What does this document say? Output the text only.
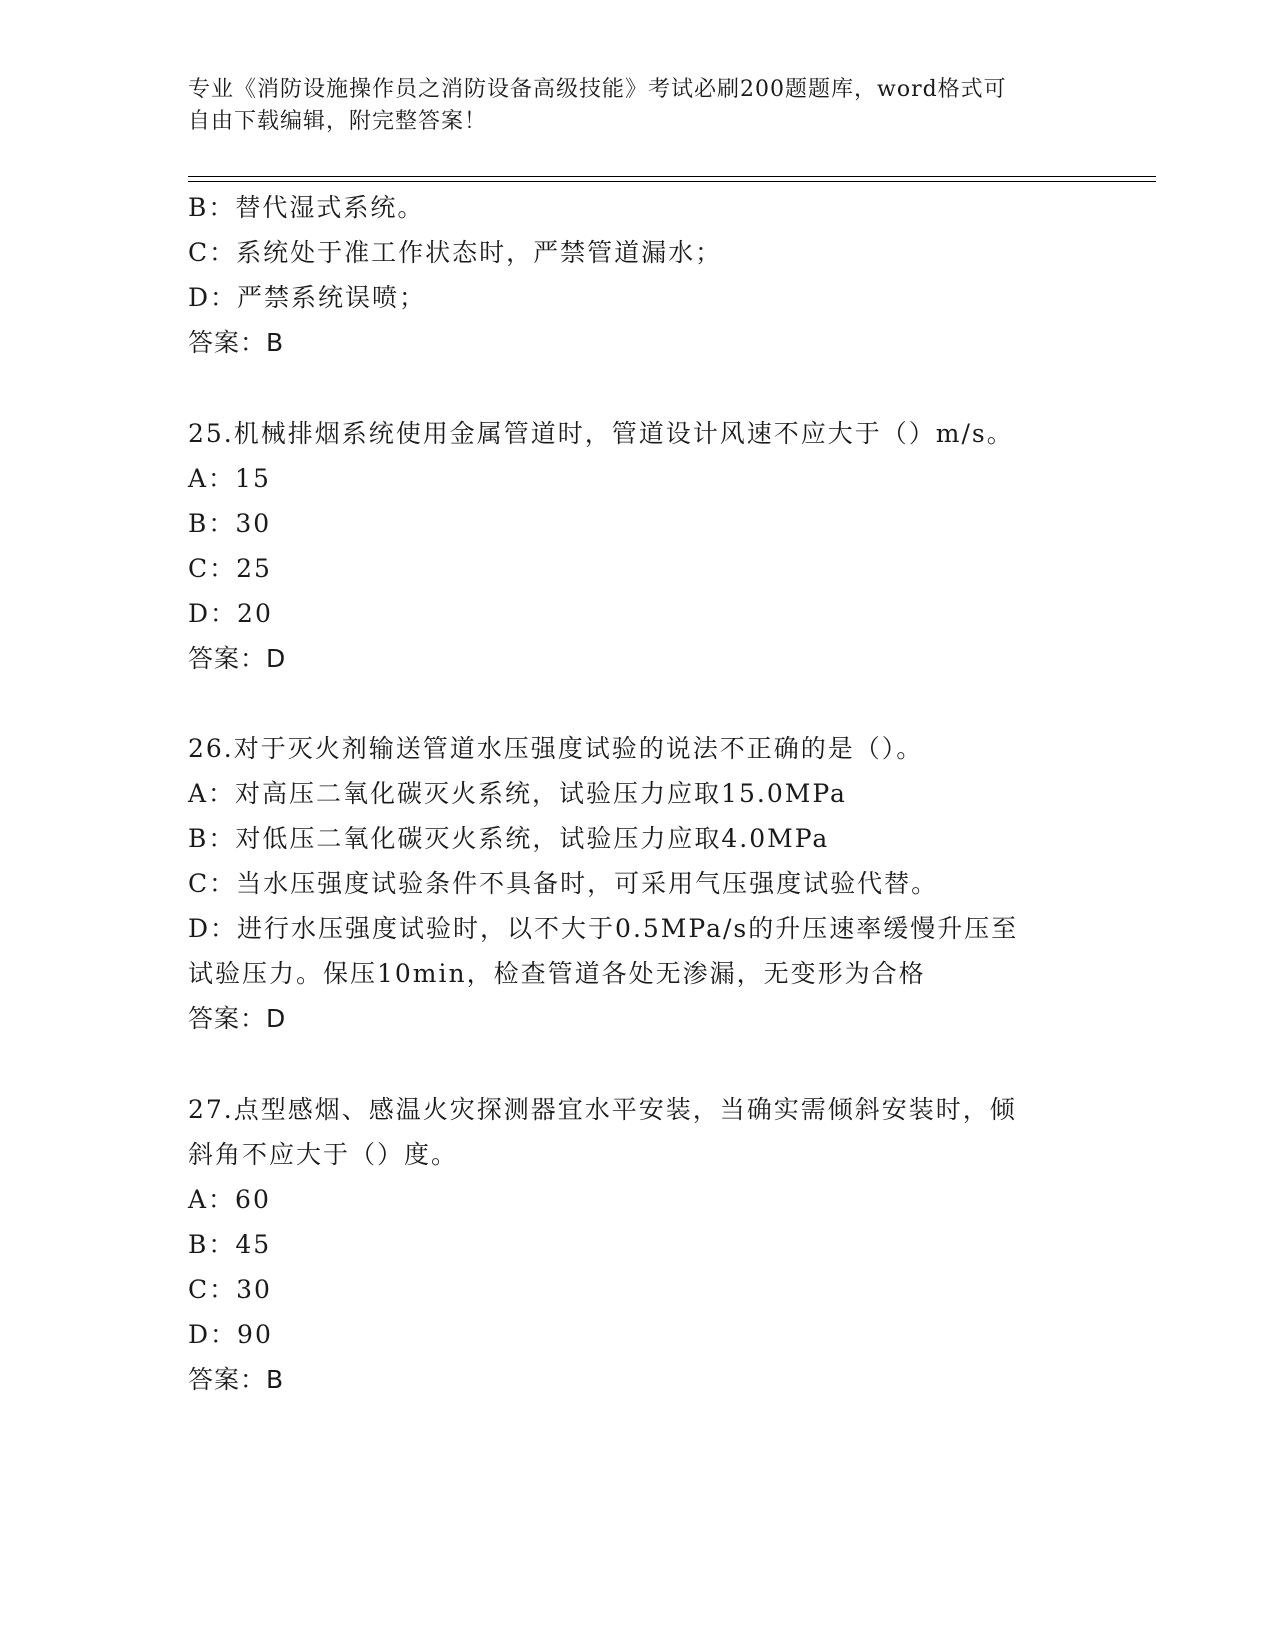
专业《消防设施操作员之消防设备高级技能》考试必刷200题题库，word格式可
自由下载编辑，附完整答案！
B：替代湿式系统。
C：系统处于准工作状态时，严禁管道漏水；
D：严禁系统误喷；
答案：B
25.机械排烟系统使用金属管道时，管道设计风速不应大于（）m/s。
A：15
B：30
C：25
D：20
答案：D
26.对于灭火剂输送管道水压强度试验的说法不正确的是（）。
A：对高压二氧化碳灭火系统，试验压力应取15.0MPa
B：对低压二氧化碳灭火系统，试验压力应取4.0MPa
C：当水压强度试验条件不具备时，可采用气压强度试验代替。
D：进行水压强度试验时，以不大于0.5MPa/s的升压速率缓慢升压至
试验压力。保压10min，检查管道各处无渗漏，无变形为合格
答案：D
27.点型感烟、感温火灾探测器宜水平安装，当确实需倾斜安装时，倾
斜角不应大于（）度。
A：60
B：45
C：30
D：90
答案：B
